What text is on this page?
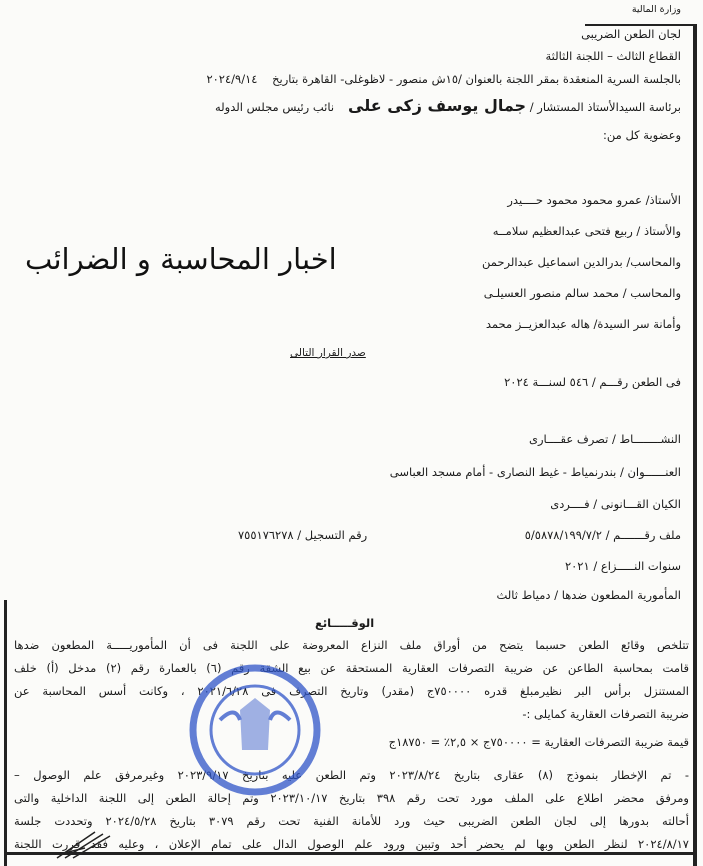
وزارة المالية
لجان الطعن الضريبى
القطاع الثالث – اللجنة الثالثة
بالجلسة السرية المنعقدة بمقر اللجنة بالعنوان /١٥ش منصور - لاظوغلى- القاهرة بتاريخ    ٢٠٢٤/٩/١٤
برئاسة السيدالأستاذ المستشار / جمال يوسف زكى على
نائب رئيس مجلس الدوله
وعضوية كل من:
الأستاذ/ عمرو محمود محمود حــــيدر
والأستاذ / ربيع فتحى عبدالعظيم سلامــه
والمحاسب/ بدرالدين اسماعيل عبدالرحمن
والمحاسب / محمد سالم منصور العسيلـى
وأمانة سر السيدة/ هاله عبدالعزيــز محمد
اخبار المحاسبة و الضرائب
صدر القرار التالى
فى الطعن رقـــم / ٥٤٦ لسنـــة ٢٠٢٤
النشــــــــاط / تصرف عقــــارى
العنــــــوان / بندرنمياط - غيط النصارى - أمام مسجد العباسى
الكيان القـــانونى / فــــردى
ملف رقـــــــم / ٥/٥٨٧٨/١٩٩/٧/٢
رقم التسجيل / ٧٥٥١٧٦٢٧٨
سنوات النـــــزاع / ٢٠٢١
المأمورية المطعون ضدها / دمياط ثالث
الوقـــــائع
تتلخص وقائع الطعن حسبما يتضح من أوراق ملف النزاع المعروضة على اللجنة فى أن المأموريـــــة المطعون ضدها
قامت بمحاسبة الطاعن عن ضريبة التصرفات العقارية المستحقة عن بيع الشقة رقم (٦) بالعمارة رقم (٢) مدخل (أ) خلف
المستنزل برأس البر نظيرمبلغ قدره ٧٥٠٠٠٠ج (مقدر) وتاريخ التصرف فى ٢٠٢١/٦/٢٨ ، وكانت أسس المحاسبة عن
ضريبة التصرفات العقارية كمايلى :-
قيمة ضريبة التصرفات العقارية = ٧٥٠٠٠٠ج × ٢,٥٪ = ١٨٧٥٠ج
- تم الإخطار بنموذج (٨) عقارى بتاريخ ٢٠٢٣/٨/٢٤ وتم الطعن عليه بتاريخ ٢٠٢٣/٩/١٧ وغيرمرفق علم الوصول –
ومرفق محضر اطلاع على الملف مورد تحت رقم ٣٩٨ بتاريخ ٢٠٢٣/١٠/١٧ وتم إحالة الطعن إلى اللجنة الداخلية والتى
أحالته بدورها إلى لجان الطعن الضريبى حيث ورد للأمانة الفنية تحت رقم ٣٠٧٩ بتاريخ ٢٠٢٤/٥/٢٨ وتحددت جلسة
٢٠٢٤/٨/١٧ لنظر الطعن وبها لم يحضر أحد وتبين ورود علم الوصول الدال على تمام الإعلان ، وعليه فقد قررت اللجنة
